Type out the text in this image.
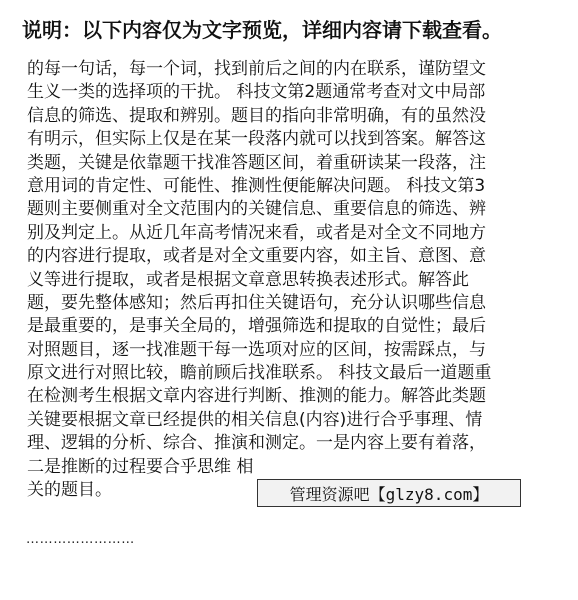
说明：以下内容仅为文字预览，详细内容请下载查看。
的每一句话，每一个词，找到前后之间的内在联系，谨防望文
生义一类的选择项的干扰。 科技文第2题通常考查对文中局部
信息的筛选、提取和辨别。题目的指向非常明确，有的虽然没
有明示，但实际上仅是在某一段落内就可以找到答案。解答这
类题，关键是依靠题干找准答题区间，着重研读某一段落，注
意用词的肯定性、可能性、推测性便能解决问题。 科技文第3
题则主要侧重对全文范围内的关键信息、重要信息的筛选、辨
别及判定上。从近几年高考情况来看，或者是对全文不同地方
的内容进行提取，或者是对全文重要内容，如主旨、意图、意
义等进行提取，或者是根据文章意思转换表述形式。解答此
题，要先整体感知；然后再扣住关键语句，充分认识哪些信息
是最重要的，是事关全局的，增强筛选和提取的自觉性；最后
对照题目，逐一找准题干每一选项对应的区间，按需踩点，与
原文进行对照比较，瞻前顾后找准联系。 科技文最后一道题重
在检测考生根据文章内容进行判断、推测的能力。解答此类题
关键要根据文章已经提供的相关信息(内容)进行合乎事理、情
理、逻辑的分析、综合、推演和测定。一是内容上要有着落，
二是推断的过程要合乎思维 相
关的题目。
……………………
管理资源吧【glzy8.com】
